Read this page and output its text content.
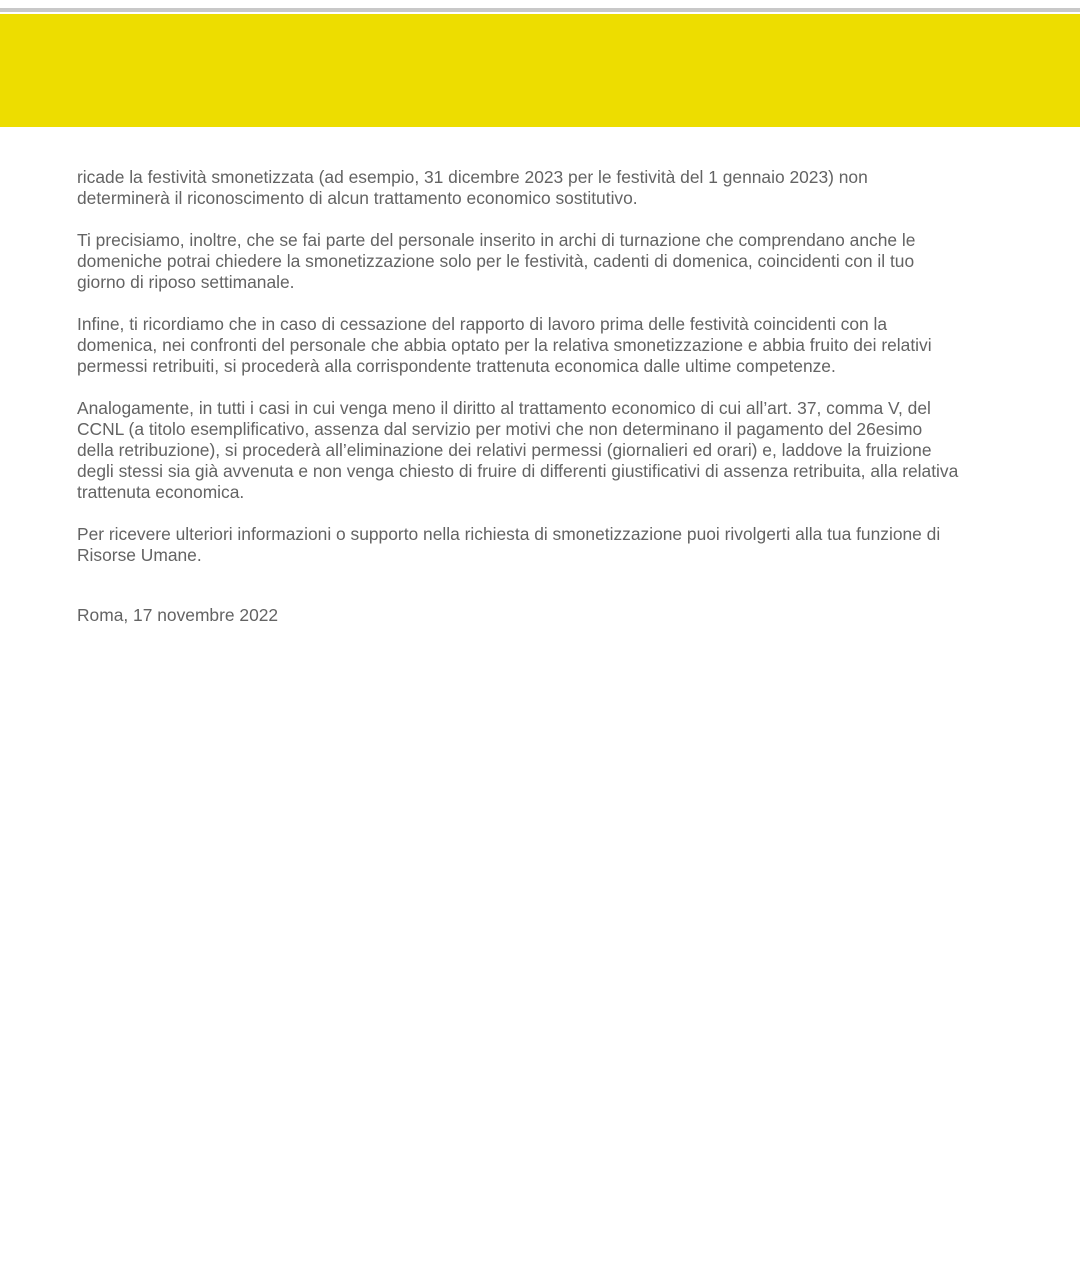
ricade la festività smonetizzata (ad esempio, 31 dicembre 2023 per le festività del 1 gennaio 2023) non
determinerà il riconoscimento di alcun trattamento economico sostitutivo.

Ti precisiamo, inoltre, che se fai parte del personale inserito in archi di turnazione che comprendano anche le
domeniche potrai chiedere la smonetizzazione solo per le festività, cadenti di domenica, coincidenti con il tuo
giorno di riposo settimanale.

Infine, ti ricordiamo che in caso di cessazione del rapporto di lavoro prima delle festività coincidenti con la
domenica, nei confronti del personale che abbia optato per la relativa smonetizzazione e abbia fruito dei relativi
permessi retribuiti, si procederà alla corrispondente trattenuta economica dalle ultime competenze.

Analogamente, in tutti i casi in cui venga meno il diritto al trattamento economico di cui all’art. 37, comma V, del
CCNL (a titolo esemplificativo, assenza dal servizio per motivi che non determinano il pagamento del 26esimo
della retribuzione), si procederà all’eliminazione dei relativi permessi (giornalieri ed orari) e, laddove la fruizione
degli stessi sia già avvenuta e non venga chiesto di fruire di differenti giustificativi di assenza retribuita, alla relativa
trattenuta economica.

Per ricevere ulteriori informazioni o supporto nella richiesta di smonetizzazione puoi rivolgerti alla tua funzione di
Risorse Umane.

Roma, 17 novembre 2022
